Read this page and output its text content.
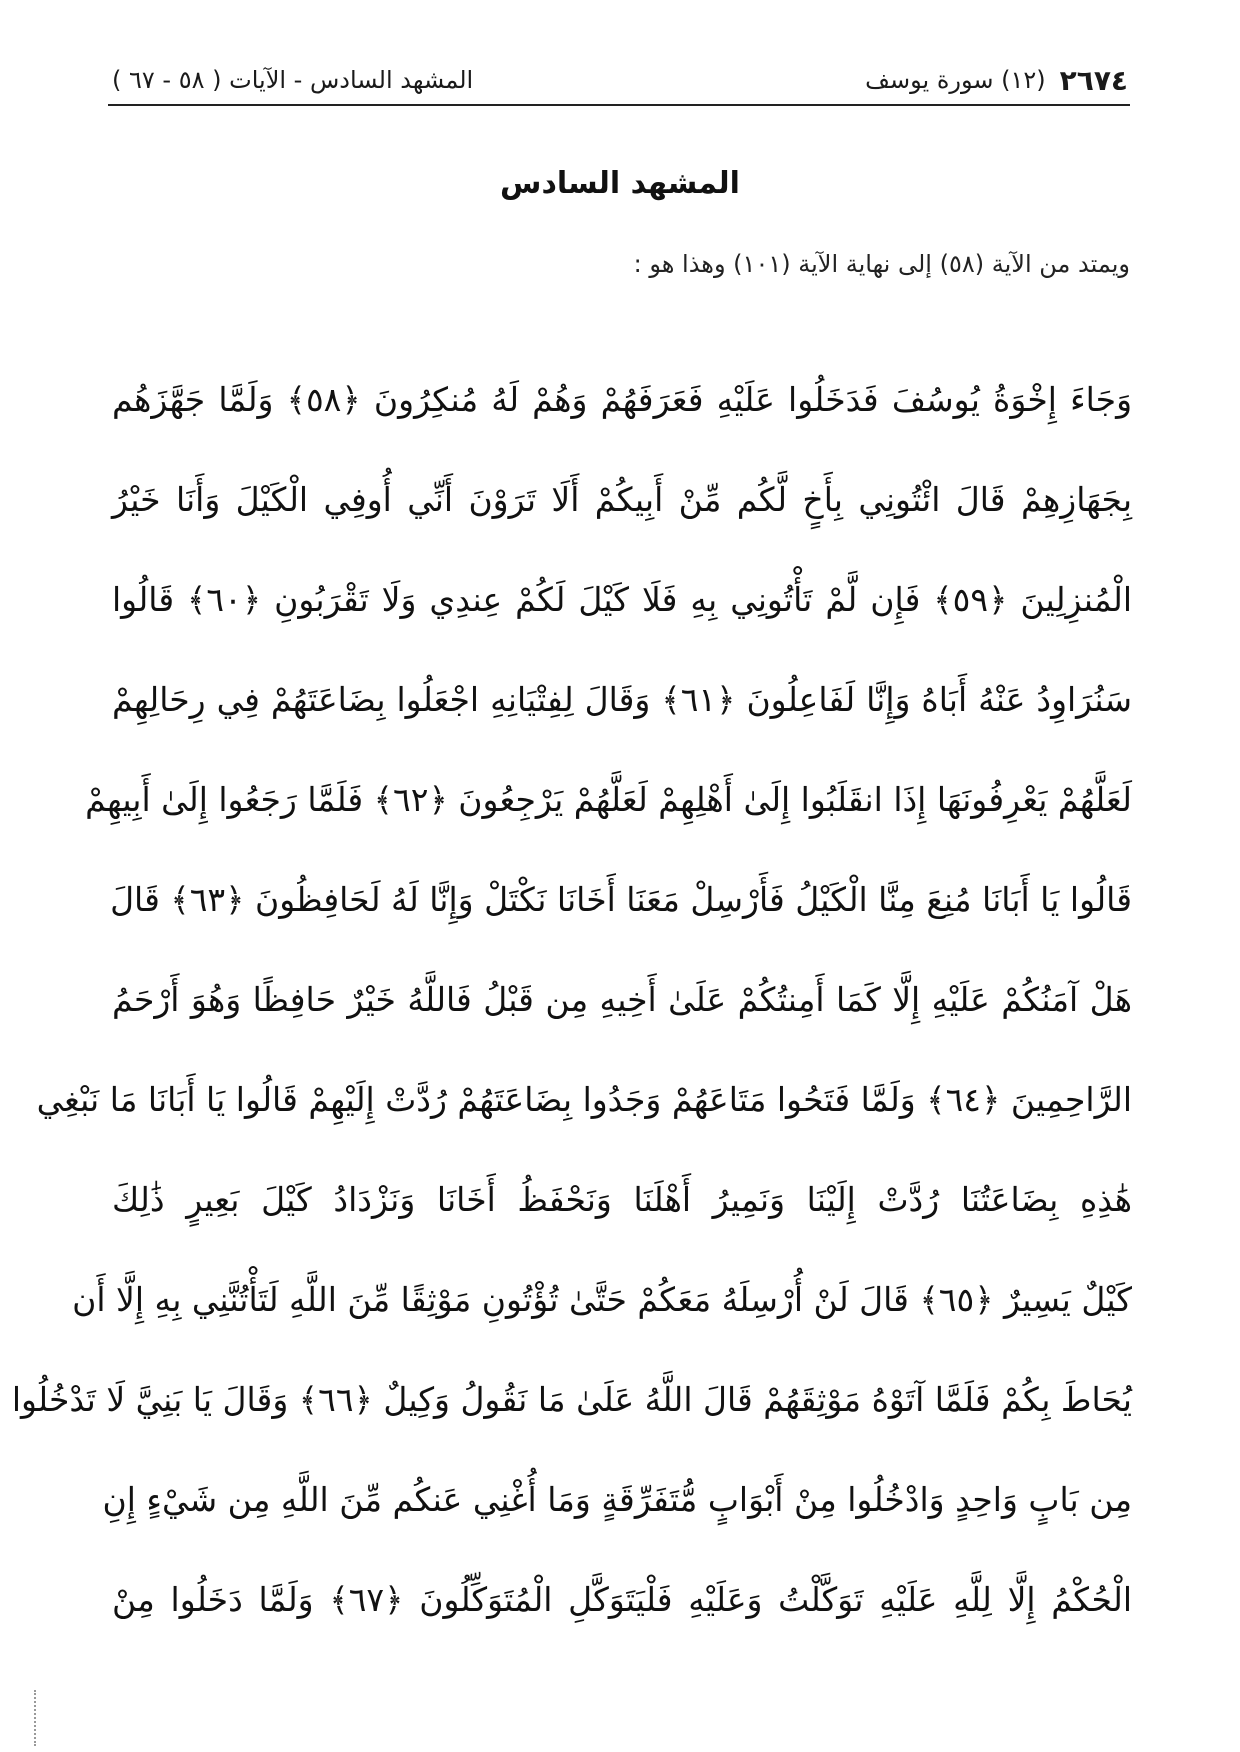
٢٦٧٤
(١٢) سورة يوسف
المشهد السادس - الآيات ( ٥٨ - ٦٧ )
المشهد السادس
ويمتد من الآية (٥٨) إلى نهاية الآية (١٠١) وهذا هو :
وَجَاءَ إِخْوَةُ يُوسُفَ فَدَخَلُوا عَلَيْهِ فَعَرَفَهُمْ وَهُمْ لَهُ مُنكِرُونَ ﴿٥٨﴾ وَلَمَّا جَهَّزَهُم
بِجَهَازِهِمْ قَالَ ائْتُونِي بِأَخٍ لَّكُم مِّنْ أَبِيكُمْ أَلَا تَرَوْنَ أَنِّي أُوفِي الْكَيْلَ وَأَنَا خَيْرُ
الْمُنزِلِينَ ﴿٥٩﴾ فَإِن لَّمْ تَأْتُونِي بِهِ فَلَا كَيْلَ لَكُمْ عِندِي وَلَا تَقْرَبُونِ ﴿٦٠﴾ قَالُوا
سَنُرَاوِدُ عَنْهُ أَبَاهُ وَإِنَّا لَفَاعِلُونَ ﴿٦١﴾ وَقَالَ لِفِتْيَانِهِ اجْعَلُوا بِضَاعَتَهُمْ فِي رِحَالِهِمْ
لَعَلَّهُمْ يَعْرِفُونَهَا إِذَا انقَلَبُوا إِلَىٰ أَهْلِهِمْ لَعَلَّهُمْ يَرْجِعُونَ ﴿٦٢﴾ فَلَمَّا رَجَعُوا إِلَىٰ أَبِيهِمْ
قَالُوا يَا أَبَانَا مُنِعَ مِنَّا الْكَيْلُ فَأَرْسِلْ مَعَنَا أَخَانَا نَكْتَلْ وَإِنَّا لَهُ لَحَافِظُونَ ﴿٦٣﴾ قَالَ
هَلْ آمَنُكُمْ عَلَيْهِ إِلَّا كَمَا أَمِنتُكُمْ عَلَىٰ أَخِيهِ مِن قَبْلُ فَاللَّهُ خَيْرٌ حَافِظًا وَهُوَ أَرْحَمُ
الرَّاحِمِينَ ﴿٦٤﴾ وَلَمَّا فَتَحُوا مَتَاعَهُمْ وَجَدُوا بِضَاعَتَهُمْ رُدَّتْ إِلَيْهِمْ قَالُوا يَا أَبَانَا مَا نَبْغِي
هَٰذِهِ بِضَاعَتُنَا رُدَّتْ إِلَيْنَا وَنَمِيرُ أَهْلَنَا وَنَحْفَظُ أَخَانَا وَنَزْدَادُ كَيْلَ بَعِيرٍ ذَٰلِكَ
كَيْلٌ يَسِيرٌ ﴿٦٥﴾ قَالَ لَنْ أُرْسِلَهُ مَعَكُمْ حَتَّىٰ تُؤْتُونِ مَوْثِقًا مِّنَ اللَّهِ لَتَأْتُنَّنِي بِهِ إِلَّا أَن
يُحَاطَ بِكُمْ فَلَمَّا آتَوْهُ مَوْثِقَهُمْ قَالَ اللَّهُ عَلَىٰ مَا نَقُولُ وَكِيلٌ ﴿٦٦﴾ وَقَالَ يَا بَنِيَّ لَا تَدْخُلُوا
مِن بَابٍ وَاحِدٍ وَادْخُلُوا مِنْ أَبْوَابٍ مُّتَفَرِّقَةٍ وَمَا أُغْنِي عَنكُم مِّنَ اللَّهِ مِن شَيْءٍ إِنِ
الْحُكْمُ إِلَّا لِلَّهِ عَلَيْهِ تَوَكَّلْتُ وَعَلَيْهِ فَلْيَتَوَكَّلِ الْمُتَوَكِّلُونَ ﴿٦٧﴾ وَلَمَّا دَخَلُوا مِنْ
